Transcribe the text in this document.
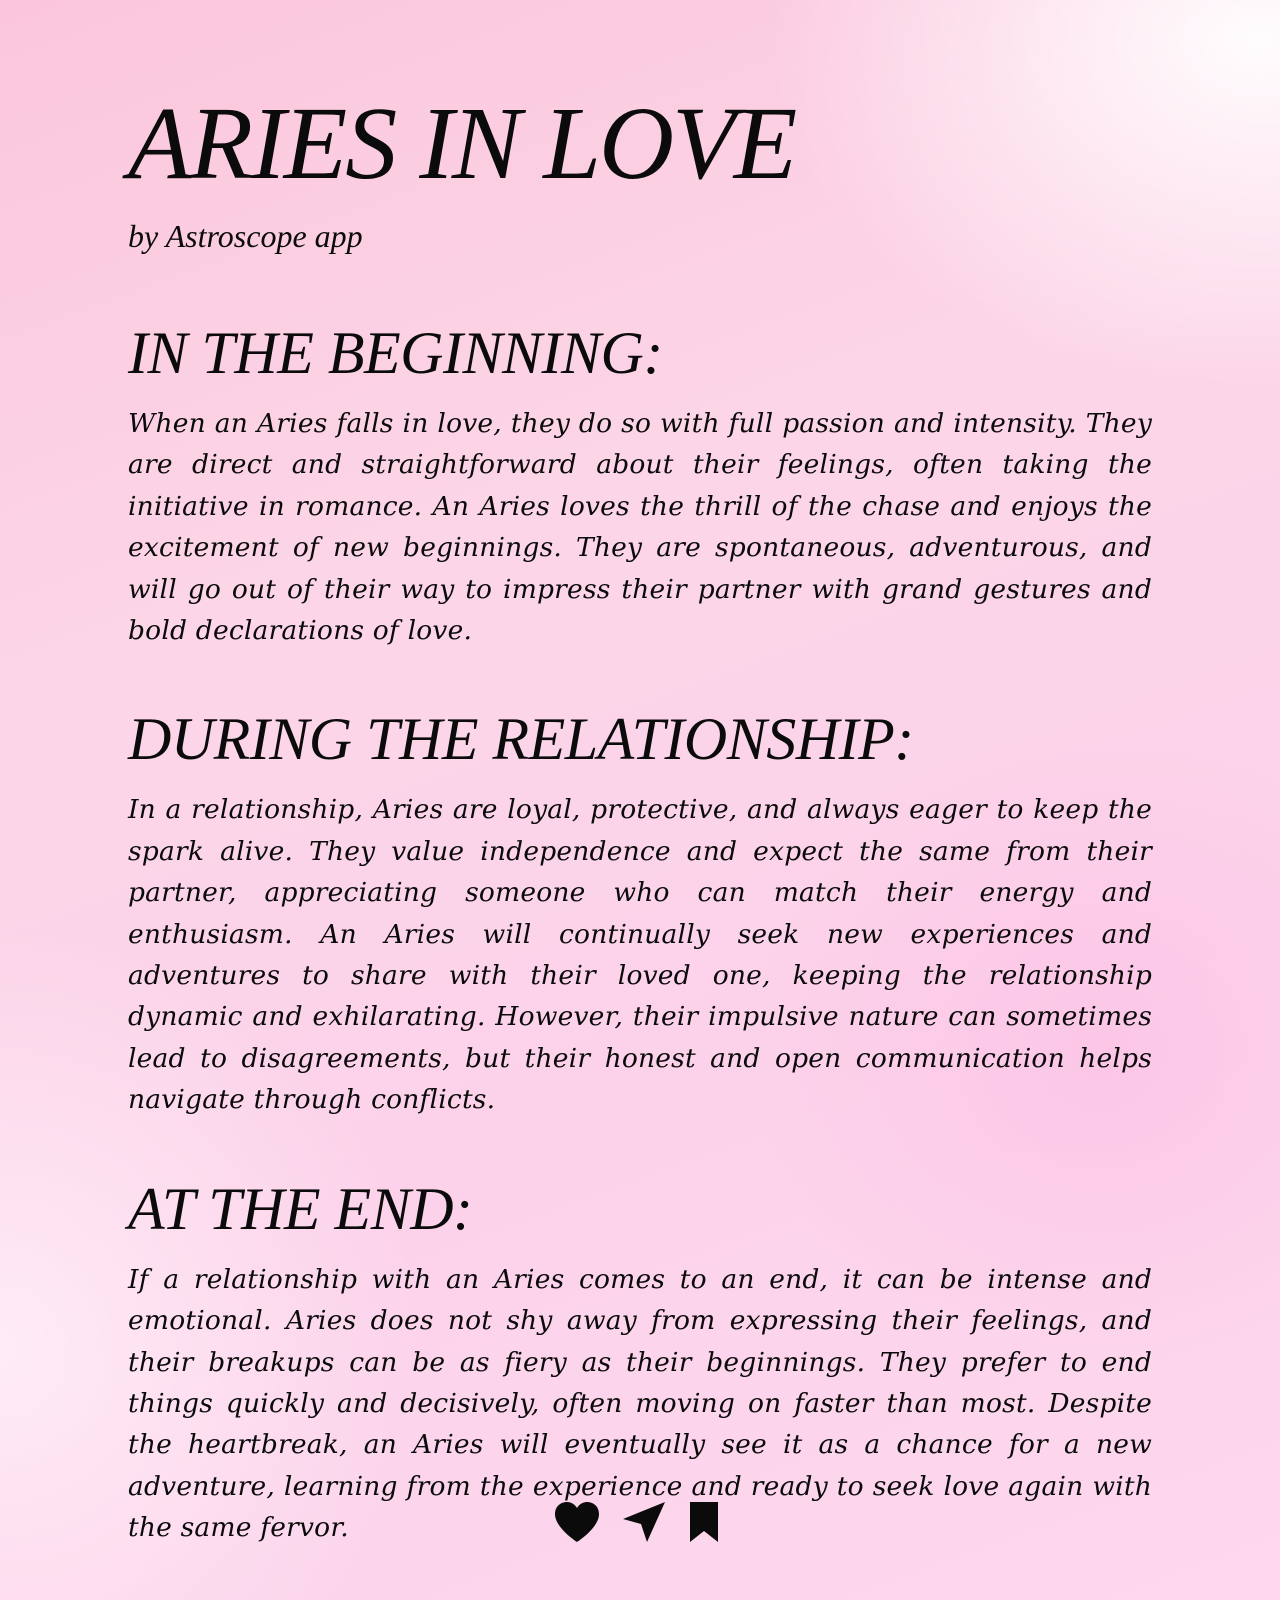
ARIES IN LOVE

by Astroscope app

IN THE BEGINNING:

When an Aries falls in love, they do so with full passion and intensity. They are direct and straightforward about their feelings, often taking the initiative in romance. An Aries loves the thrill of the chase and enjoys the excitement of new beginnings. They are spontaneous, adventurous, and will go out of their way to impress their partner with grand gestures and bold declarations of love.

DURING THE RELATIONSHIP:

In a relationship, Aries are loyal, protective, and always eager to keep the spark alive. They value independence and expect the same from their partner, appreciating someone who can match their energy and enthusiasm. An Aries will continually seek new experiences and adventures to share with their loved one, keeping the relationship dynamic and exhilarating. However, their impulsive nature can sometimes lead to disagreements, but their honest and open communication helps navigate through conflicts.

AT THE END:

If a relationship with an Aries comes to an end, it can be intense and emotional. Aries does not shy away from expressing their feelings, and their breakups can be as fiery as their beginnings. They prefer to end things quickly and decisively, often moving on faster than most. Despite the heartbreak, an Aries will eventually see it as a chance for a new adventure, learning from the experience and ready to seek love again with the same fervor.
